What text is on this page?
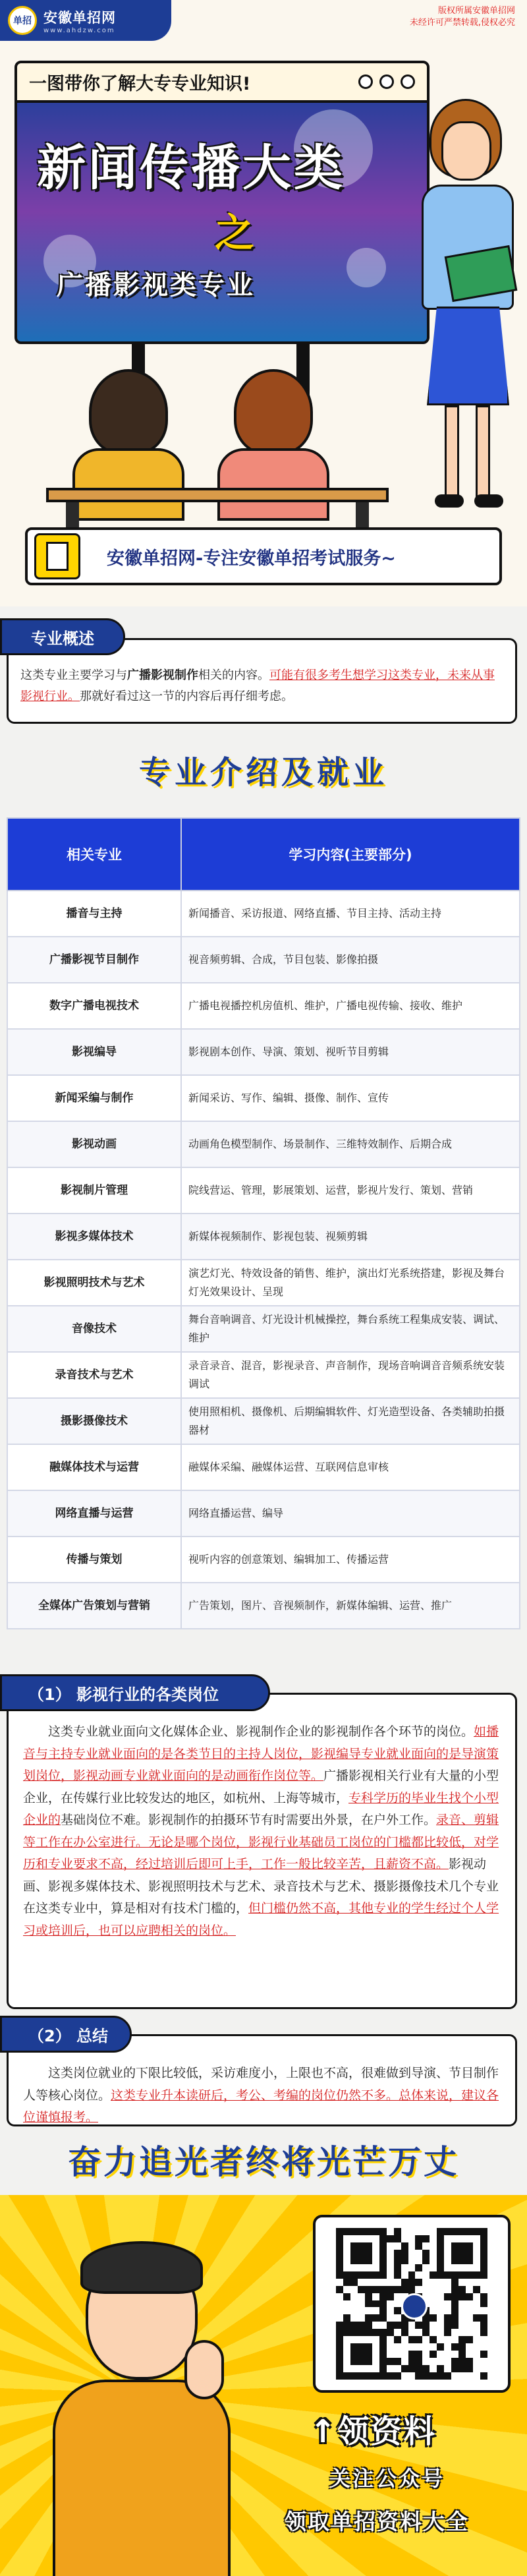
单招 安徽单招网
www.ahdzw.com
版权所属安徽单招网
未经许可严禁转载,侵权必究
一图带你了解大专专业知识!
新闻传播大类
之
广播影视类专业
安徽单招网-专注安徽单招考试服务~
专业概述
这类专业主要学习与广播影视制作相关的内容。可能有很多考生想学习这类专业，未来从事影视行业。那就好看过这一节的内容后再仔细考虑。
专业介绍及就业
相关专业	学习内容(主要部分)
播音与主持	新闻播音、采访报道、网络直播、节目主持、活动主持
广播影视节目制作	视音频剪辑、合成，节目包装、影像拍摄
数字广播电视技术	广播电视播控机房值机、维护，广播电视传输、接收、维护
影视编导	影视剧本创作、导演、策划、视听节目剪辑
新闻采编与制作	新闻采访、写作、编辑、摄像、制作、宣传
影视动画	动画角色模型制作、场景制作、三维特效制作、后期合成
影视制片管理	院线营运、管理，影展策划、运营，影视片发行、策划、营销
影视多媒体技术	新媒体视频制作、影视包装、视频剪辑
影视照明技术与艺术	演艺灯光、特效设备的销售、维护，演出灯光系统搭建，影视及舞台灯光效果设计、呈现
音像技术	舞台音响调音、灯光设计机械操控，舞台系统工程集成安装、调试、维护
录音技术与艺术	录音录音、混音，影视录音、声音制作，现场音响调音音频系统安装调试
摄影摄像技术	使用照相机、摄像机、后期编辑软件、灯光造型设备、各类辅助拍摄器材
融媒体技术与运营	融媒体采编、融媒体运营、互联网信息审核
网络直播与运营	网络直播运营、编导
传播与策划	视听内容的创意策划、编辑加工、传播运营
全媒体广告策划与营销	广告策划，图片、音视频制作，新媒体编辑、运营、推广
（1） 影视行业的各类岗位
这类专业就业面向文化媒体企业、影视制作企业的影视制作各个环节的岗位。如播音与主持专业就业面向的是各类节目的主持人岗位，影视编导专业就业面向的是导演策划岗位，影视动画专业就业面向的是动画衔作岗位等。广播影视相关行业有大量的小型企业，在传媒行业比较发达的地区，如杭州、上海等城市，专科学历的毕业生找个小型企业的基础岗位不难。影视制作的拍摄环节有时需要出外景，在户外工作。录音、剪辑等工作在办公室进行。无论是哪个岗位，影视行业基础员工岗位的门槛都比较低，对学历和专业要求不高，经过培训后即可上手，工作一般比较辛苦，且薪资不高。影视动画、影视多媒体技术、影视照明技术与艺术、录音技术与艺术、摄影摄像技术几个专业在这类专业中，算是相对有技术门槛的，但门槛仍然不高，其他专业的学生经过个人学习或培训后，也可以应聘相关的岗位。
（2） 总结
这类岗位就业的下限比较低，采访难度小，上限也不高，很难做到导演、节目制作人等核心岗位。这类专业升本读研后，考公、考编的岗位仍然不多。总体来说，建议各位谨慎报考。
奋力追光者终将光芒万丈
↑领资料
关注公众号
领取单招资料大全
